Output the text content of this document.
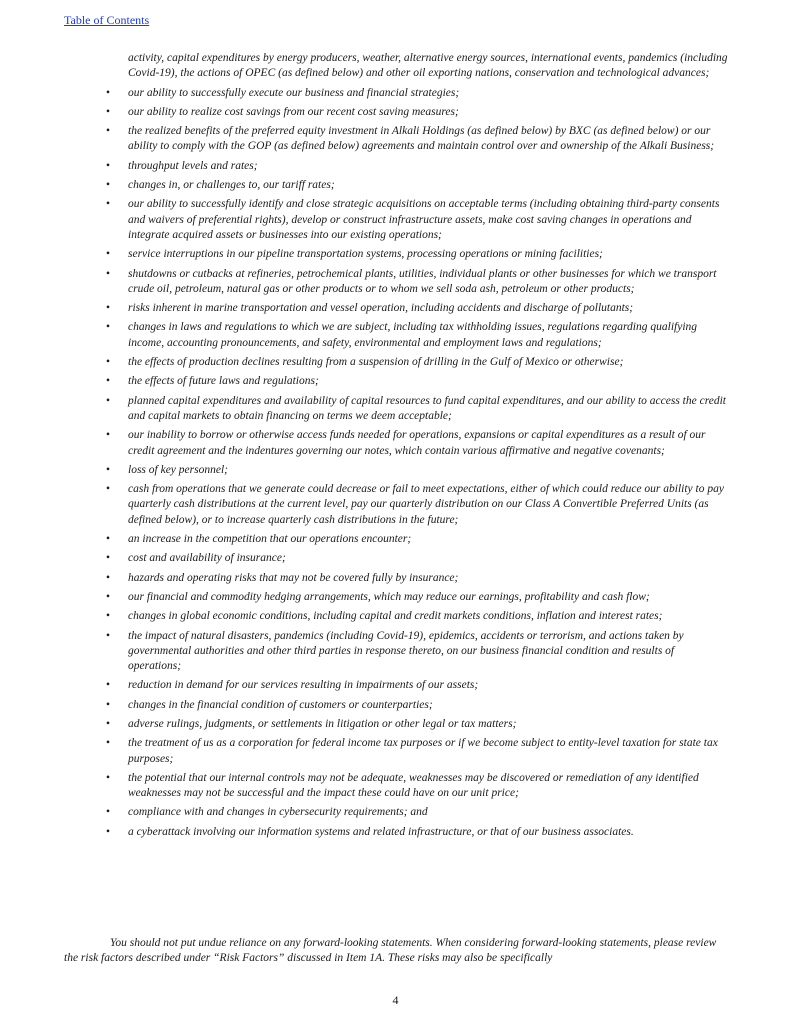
Table of Contents

activity, capital expenditures by energy producers, weather, alternative energy sources, international events, pandemics (including Covid-19), the actions of OPEC (as defined below) and other oil exporting nations, conservation and technological advances;

•	our ability to successfully execute our business and financial strategies;
•	our ability to realize cost savings from our recent cost saving measures;
•	the realized benefits of the preferred equity investment in Alkali Holdings (as defined below) by BXC (as defined below) or our ability to comply with the GOP (as defined below) agreements and maintain control over and ownership of the Alkali Business;
•	throughput levels and rates;
•	changes in, or challenges to, our tariff rates;
•	our ability to successfully identify and close strategic acquisitions on acceptable terms (including obtaining third-party consents and waivers of preferential rights), develop or construct infrastructure assets, make cost saving changes in operations and integrate acquired assets or businesses into our existing operations;
•	service interruptions in our pipeline transportation systems, processing operations or mining facilities;
•	shutdowns or cutbacks at refineries, petrochemical plants, utilities, individual plants or other businesses for which we transport crude oil, petroleum, natural gas or other products or to whom we sell soda ash, petroleum or other products;
•	risks inherent in marine transportation and vessel operation, including accidents and discharge of pollutants;
•	changes in laws and regulations to which we are subject, including tax withholding issues, regulations regarding qualifying income, accounting pronouncements, and safety, environmental and employment laws and regulations;
•	the effects of production declines resulting from a suspension of drilling in the Gulf of Mexico or otherwise;
•	the effects of future laws and regulations;
•	planned capital expenditures and availability of capital resources to fund capital expenditures, and our ability to access the credit and capital markets to obtain financing on terms we deem acceptable;
•	our inability to borrow or otherwise access funds needed for operations, expansions or capital expenditures as a result of our credit agreement and the indentures governing our notes, which contain various affirmative and negative covenants;
•	loss of key personnel;
•	cash from operations that we generate could decrease or fail to meet expectations, either of which could reduce our ability to pay quarterly cash distributions at the current level, pay our quarterly distribution on our Class A Convertible Preferred Units (as defined below), or to increase quarterly cash distributions in the future;
•	an increase in the competition that our operations encounter;
•	cost and availability of insurance;
•	hazards and operating risks that may not be covered fully by insurance;
•	our financial and commodity hedging arrangements, which may reduce our earnings, profitability and cash flow;
•	changes in global economic conditions, including capital and credit markets conditions, inflation and interest rates;
•	the impact of natural disasters, pandemics (including Covid-19), epidemics, accidents or terrorism, and actions taken by governmental authorities and other third parties in response thereto, on our business financial condition and results of operations;
•	reduction in demand for our services resulting in impairments of our assets;
•	changes in the financial condition of customers or counterparties;
•	adverse rulings, judgments, or settlements in litigation or other legal or tax matters;
•	the treatment of us as a corporation for federal income tax purposes or if we become subject to entity-level taxation for state tax purposes;
•	the potential that our internal controls may not be adequate, weaknesses may be discovered or remediation of any identified weaknesses may not be successful and the impact these could have on our unit price;
•	compliance with and changes in cybersecurity requirements; and
•	a cyberattack involving our information systems and related infrastructure, or that of our business associates.

You should not put undue reliance on any forward-looking statements. When considering forward-looking statements, please review the risk factors described under “Risk Factors” discussed in Item 1A. These risks may also be specifically

4
